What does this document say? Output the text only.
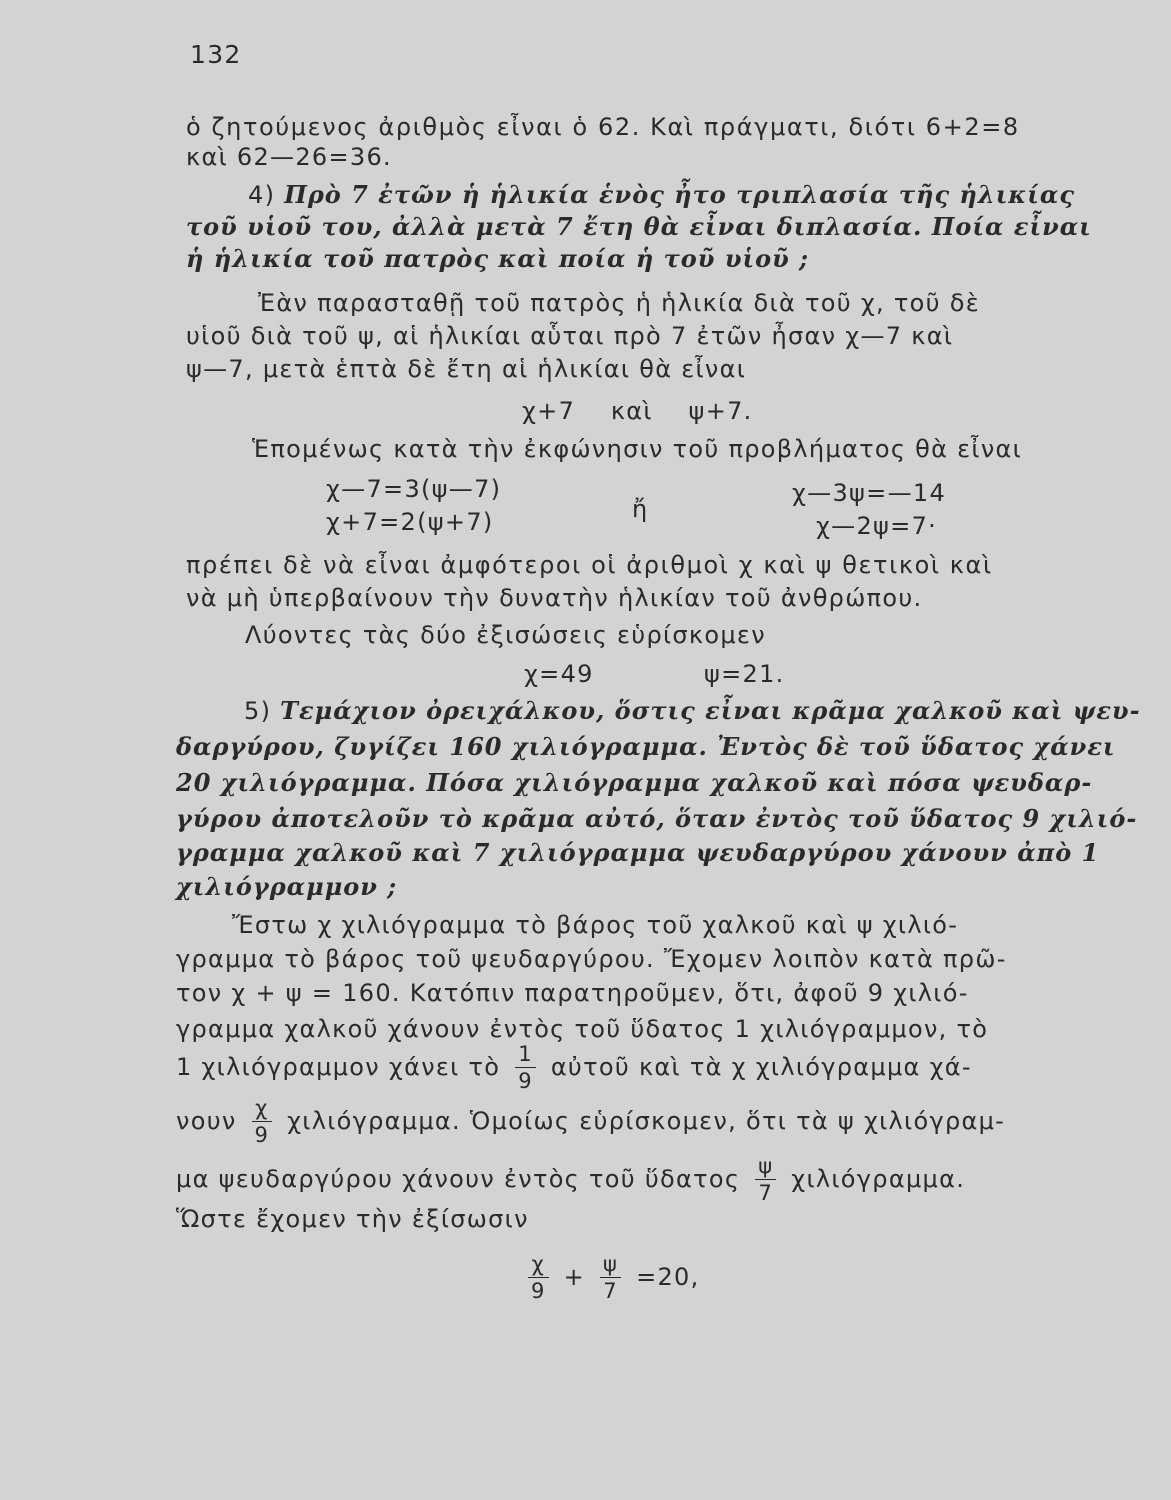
132
ὁ ζητούμενος ἀριθμὸς εἶναι ὁ 62. Καὶ πράγματι, διότι 6+2=8
καὶ 62—26=36.
4) Πρὸ 7 ἐτῶν ἡ ἡλικία ἑνὸς ἦτο τριπλασία τῆς ἡλικίας
τοῦ υἱοῦ του, ἀλλὰ μετὰ 7 ἔτη θὰ εἶναι διπλασία. Ποία εἶναι
ἡ ἡλικία τοῦ πατρὸς καὶ ποία ἡ τοῦ υἱοῦ ;
Ἐὰν παρασταθῇ τοῦ πατρὸς ἡ ἡλικία διὰ τοῦ χ, τοῦ δὲ
υἱοῦ διὰ τοῦ ψ, αἱ ἡλικίαι αὗται πρὸ 7 ἐτῶν ἦσαν χ—7 καὶ
ψ—7, μετὰ ἑπτὰ δὲ ἔτη αἱ ἡλικίαι θὰ εἶναι
χ+7    καὶ    ψ+7.
Ἑπομένως κατὰ τὴν ἐκφώνησιν τοῦ προβλήματος θὰ εἶναι
χ—7=3(ψ—7)
χ+7=2(ψ+7)	ἤ
χ—3ψ=—14
χ—2ψ=7·
πρέπει δὲ νὰ εἶναι ἀμφότεροι οἱ ἀριθμοὶ χ καὶ ψ θετικοὶ καὶ
νὰ μὴ ὑπερβαίνουν τὴν δυνατὴν ἡλικίαν τοῦ ἀνθρώπου.
Λύοντες τὰς δύο ἐξισώσεις εὑρίσκομεν
χ=49	ψ=21.
5) Τεμάχιον ὀρειχάλκου, ὅστις εἶναι κρᾶμα χαλκοῦ καὶ ψευ-
δαργύρου, ζυγίζει 160 χιλιόγραμμα. Ἐντὸς δὲ τοῦ ὕδατος χάνει
20 χιλιόγραμμα. Πόσα χιλιόγραμμα χαλκοῦ καὶ πόσα ψευδαρ-
γύρου ἀποτελοῦν τὸ κρᾶμα αὐτό, ὅταν ἐντὸς τοῦ ὕδατος 9 χιλιό-
γραμμα χαλκοῦ καὶ 7 χιλιόγραμμα ψευδαργύρου χάνουν ἀπὸ 1
χιλιόγραμμον ;
Ἔστω χ χιλιόγραμμα τὸ βάρος τοῦ χαλκοῦ καὶ ψ χιλιό-
γραμμα τὸ βάρος τοῦ ψευδαργύρου. Ἔχομεν λοιπὸν κατὰ πρῶ-
τον χ + ψ = 160. Κατόπιν παρατηροῦμεν, ὅτι, ἀφοῦ 9 χιλιό-
γραμμα χαλκοῦ χάνουν ἐντὸς τοῦ ὕδατος 1 χιλιόγραμμον, τὸ
1 χιλιόγραμμον χάνει τὸ $\frac{1}{9}$ αὐτοῦ καὶ τὰ χ χιλιόγραμμα χά-
νουν $\frac{\chi}{9} \chi\iota\lambda\iota ό\gamma\rho\alpha\mu\mu\alpha$. Ὁμοίως εὑρίσκομεν, ὅτι τὰ ψ χιλιόγραμ-
μα ψευδαργύρου χάνουν ἐντὸς τοῦ ὕδατος $\frac{\psi}{7} \chi\iota\lambda\iota ό\gamma\rho\alpha\mu\mu\alpha$.
Ὥστε ἔχομεν τὴν ἐξίσωσιν
$\frac{\chi}{9} + \frac{\psi}{7} =20$,
